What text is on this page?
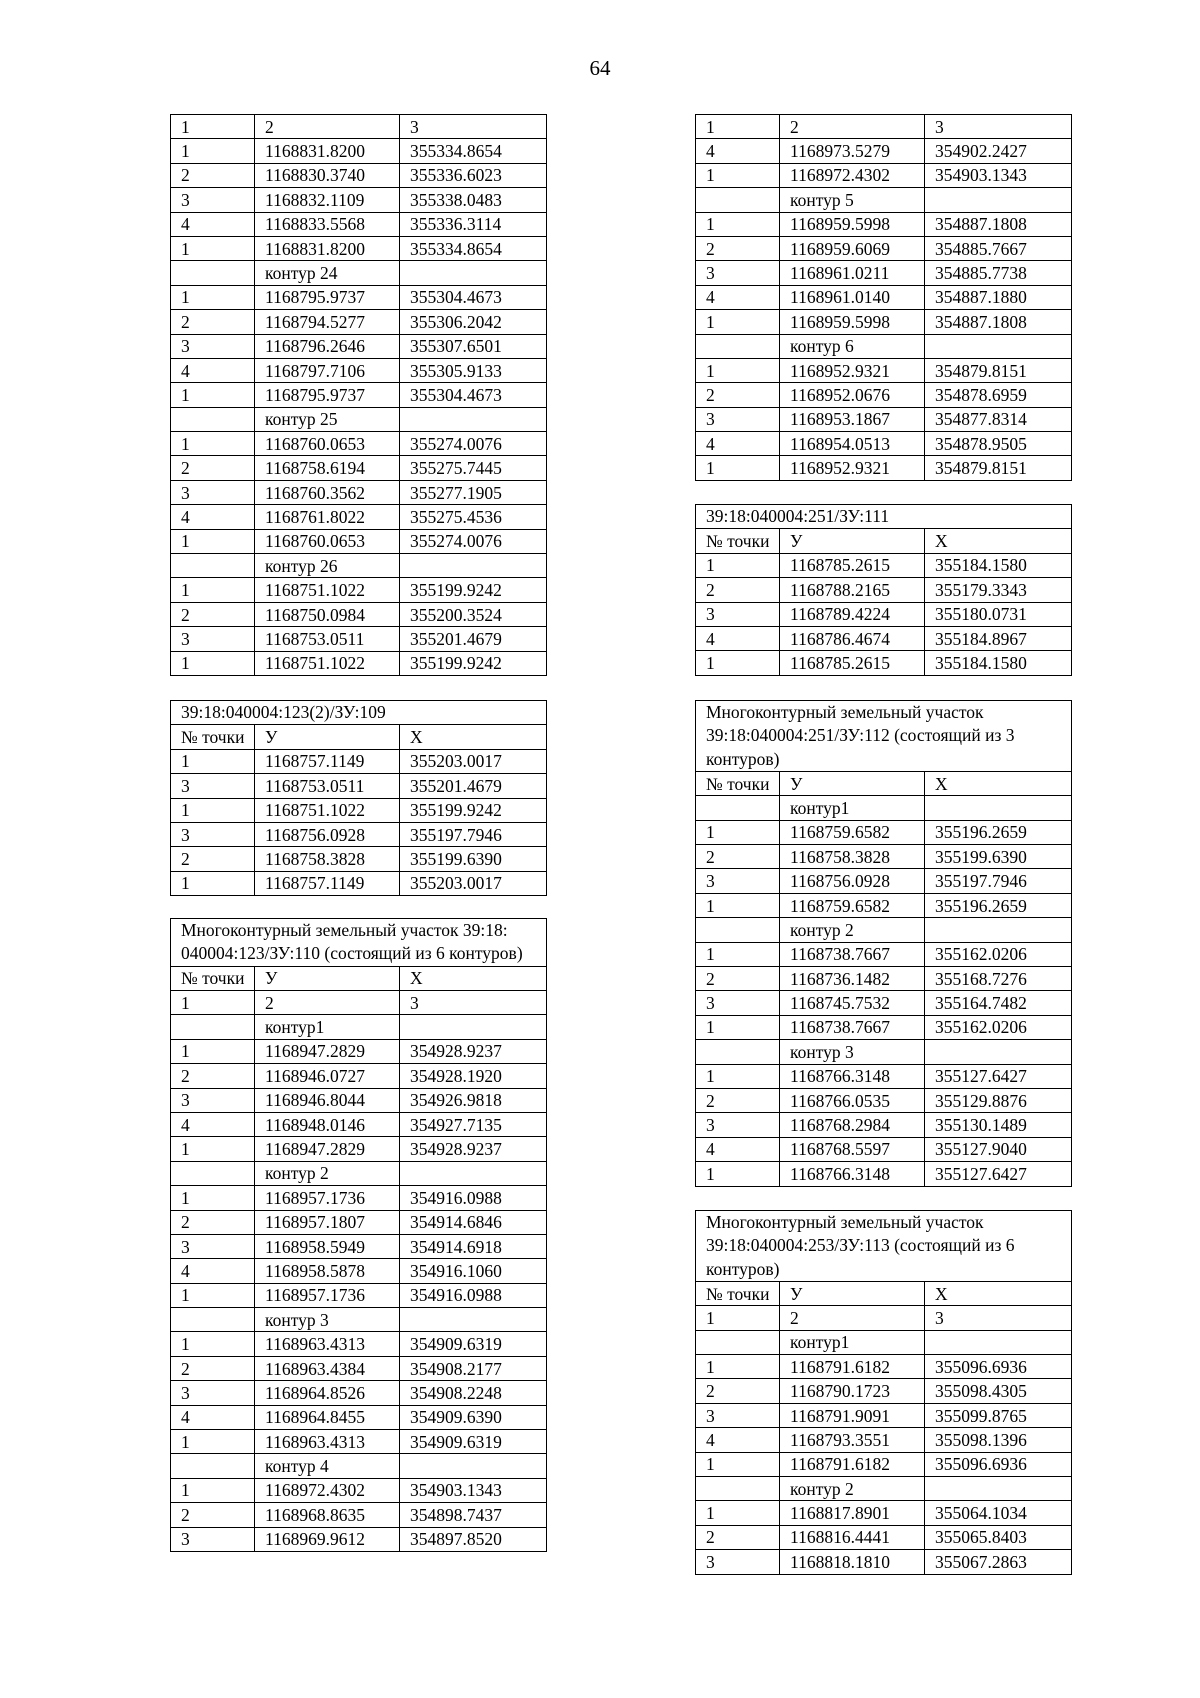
64
1	2	3
1	1168831.8200	355334.8654
2	1168830.3740	355336.6023
3	1168832.1109	355338.0483
4	1168833.5568	355336.3114
1	1168831.8200	355334.8654
	контур 24	
1	1168795.9737	355304.4673
2	1168794.5277	355306.2042
3	1168796.2646	355307.6501
4	1168797.7106	355305.9133
1	1168795.9737	355304.4673
	контур 25	
1	1168760.0653	355274.0076
2	1168758.6194	355275.7445
3	1168760.3562	355277.1905
4	1168761.8022	355275.4536
1	1168760.0653	355274.0076
	контур 26	
1	1168751.1022	355199.9242
2	1168750.0984	355200.3524
3	1168753.0511	355201.4679
1	1168751.1022	355199.9242
39:18:040004:123(2)/ЗУ:109		
№ точки	У	X
1	1168757.1149	355203.0017
3	1168753.0511	355201.4679
1	1168751.1022	355199.9242
3	1168756.0928	355197.7946
2	1168758.3828	355199.6390
1	1168757.1149	355203.0017
Многоконтурный земельный участок 39:18: 040004:123/ЗУ:110 (состоящий из 6 контуров)		
№ точки	У	X
1	2	3
	контур1	
1	1168947.2829	354928.9237
2	1168946.0727	354928.1920
3	1168946.8044	354926.9818
4	1168948.0146	354927.7135
1	1168947.2829	354928.9237
	контур 2	
1	1168957.1736	354916.0988
2	1168957.1807	354914.6846
3	1168958.5949	354914.6918
4	1168958.5878	354916.1060
1	1168957.1736	354916.0988
	контур 3	
1	1168963.4313	354909.6319
2	1168963.4384	354908.2177
3	1168964.8526	354908.2248
4	1168964.8455	354909.6390
1	1168963.4313	354909.6319
	контур 4	
1	1168972.4302	354903.1343
2	1168968.8635	354898.7437
3	1168969.9612	354897.8520
1	2	3
4	1168973.5279	354902.2427
1	1168972.4302	354903.1343
	контур 5	
1	1168959.5998	354887.1808
2	1168959.6069	354885.7667
3	1168961.0211	354885.7738
4	1168961.0140	354887.1880
1	1168959.5998	354887.1808
	контур 6	
1	1168952.9321	354879.8151
2	1168952.0676	354878.6959
3	1168953.1867	354877.8314
4	1168954.0513	354878.9505
1	1168952.9321	354879.8151
39:18:040004:251/ЗУ:111		
№ точки	У	X
1	1168785.2615	355184.1580
2	1168788.2165	355179.3343
3	1168789.4224	355180.0731
4	1168786.4674	355184.8967
1	1168785.2615	355184.1580
Многоконтурный земельный участок 39:18:040004:251/ЗУ:112 (состоящий из 3 контуров)		
№ точки	У	X
	контур1	
1	1168759.6582	355196.2659
2	1168758.3828	355199.6390
3	1168756.0928	355197.7946
1	1168759.6582	355196.2659
	контур 2	
1	1168738.7667	355162.0206
2	1168736.1482	355168.7276
3	1168745.7532	355164.7482
1	1168738.7667	355162.0206
	контур 3	
1	1168766.3148	355127.6427
2	1168766.0535	355129.8876
3	1168768.2984	355130.1489
4	1168768.5597	355127.9040
1	1168766.3148	355127.6427
Многоконтурный земельный участок 39:18:040004:253/ЗУ:113 (состоящий из 6 контуров)		
№ точки	У	X
1	2	3
	контур1	
1	1168791.6182	355096.6936
2	1168790.1723	355098.4305
3	1168791.9091	355099.8765
4	1168793.3551	355098.1396
1	1168791.6182	355096.6936
	контур 2	
1	1168817.8901	355064.1034
2	1168816.4441	355065.8403
3	1168818.1810	355067.2863
